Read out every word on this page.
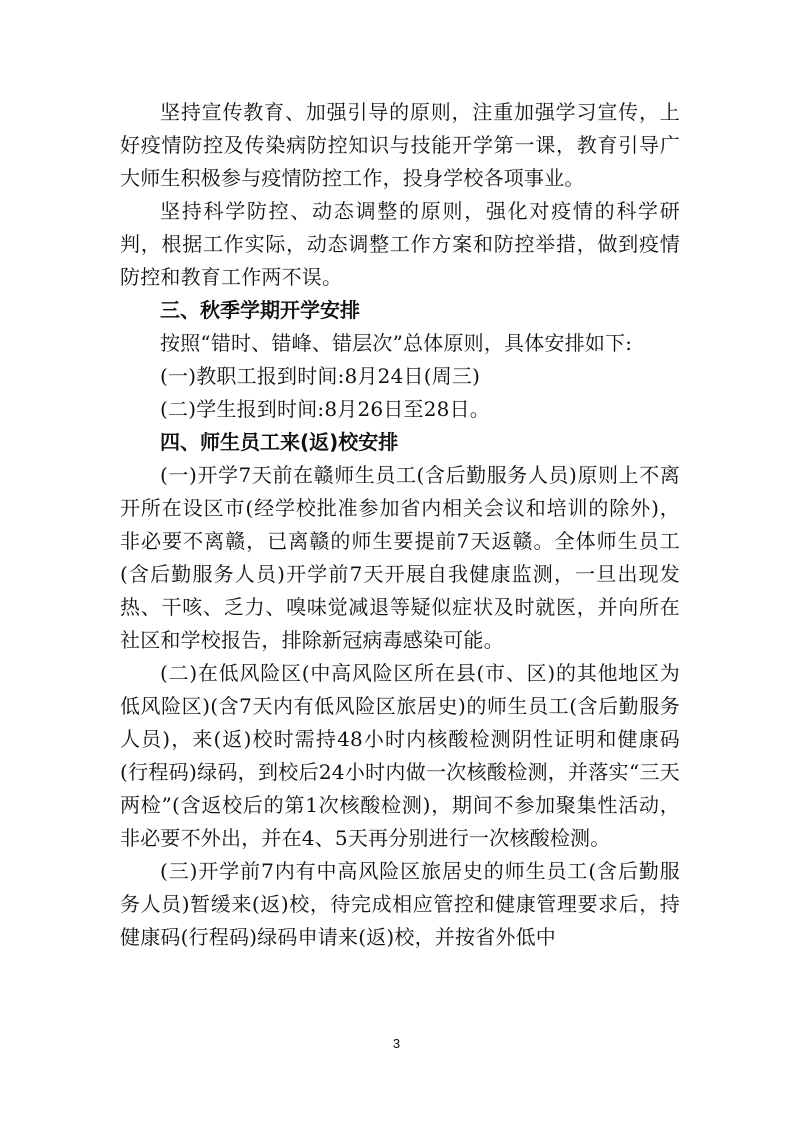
坚持宣传教育、加强引导的原则，注重加强学习宣传，上好疫情防控及传染病防控知识与技能开学第一课，教育引导广大师生积极参与疫情防控工作，投身学校各项事业。

坚持科学防控、动态调整的原则，强化对疫情的科学研判，根据工作实际，动态调整工作方案和防控举措，做到疫情防控和教育工作两不误。

三、秋季学期开学安排

按照“错时、错峰、错层次”总体原则，具体安排如下:

(一)教职工报到时间:8月24日(周三)

(二)学生报到时间:8月26日至28日。

四、师生员工来(返)校安排

(一)开学7天前在赣师生员工(含后勤服务人员)原则上不离开所在设区市(经学校批准参加省内相关会议和培训的除外)，非必要不离赣，已离赣的师生要提前7天返赣。全体师生员工(含后勤服务人员)开学前7天开展自我健康监测，一旦出现发热、干咳、乏力、嗅味觉减退等疑似症状及时就医，并向所在社区和学校报告，排除新冠病毒感染可能。

(二)在低风险区(中高风险区所在县(市、区)的其他地区为低风险区)(含7天内有低风险区旅居史)的师生员工(含后勤服务人员)，来(返)校时需持48小时内核酸检测阴性证明和健康码(行程码)绿码，到校后24小时内做一次核酸检测，并落实“三天两检”(含返校后的第1次核酸检测)，期间不参加聚集性活动，非必要不外出，并在4、5天再分别进行一次核酸检测。

(三)开学前7内有中高风险区旅居史的师生员工(含后勤服务人员)暂缓来(返)校，待完成相应管控和健康管理要求后，持健康码(行程码)绿码申请来(返)校，并按省外低中

3
